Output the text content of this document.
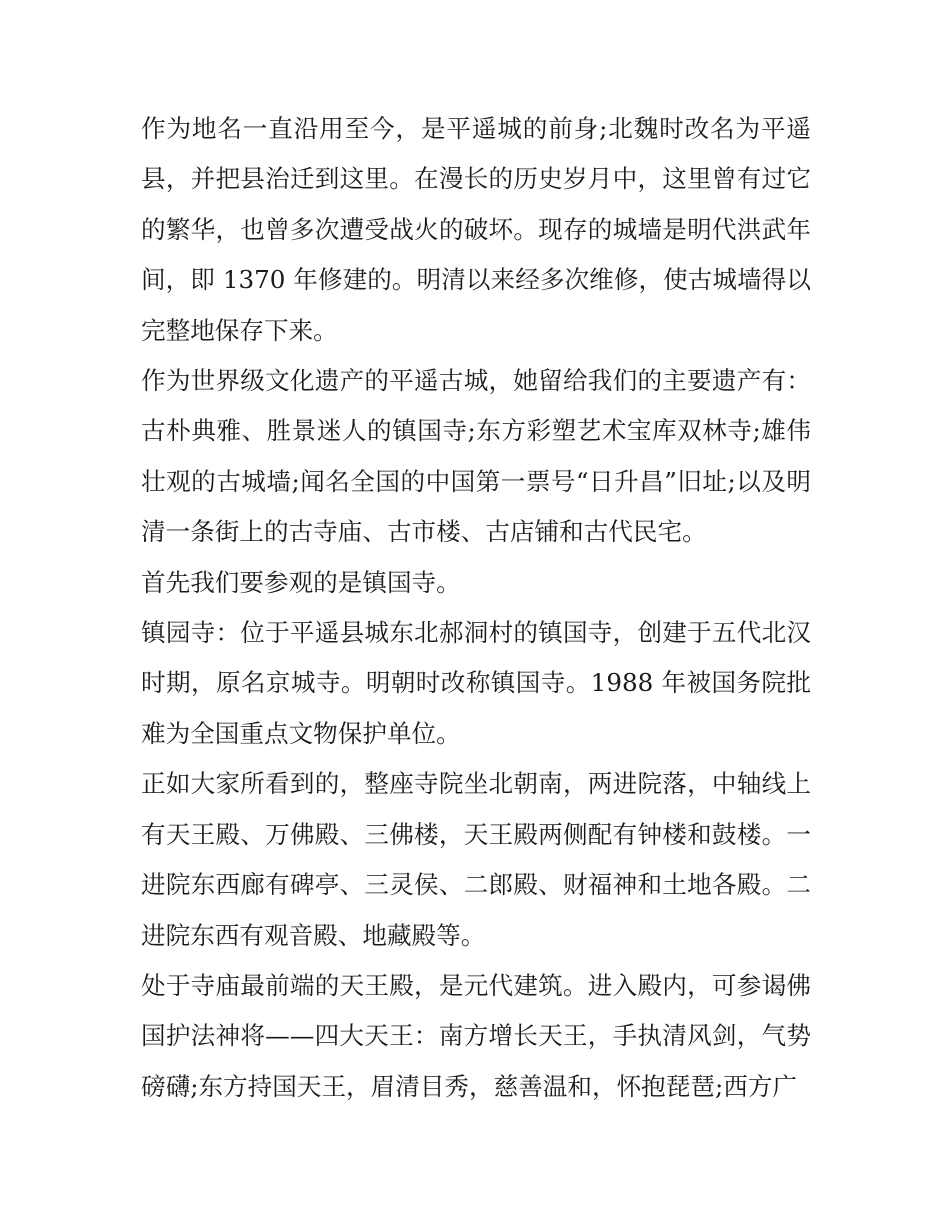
作为地名一直沿用至今，是平遥城的前身;北魏时改名为平遥县，并把县治迁到这里。在漫长的历史岁月中，这里曾有过它的繁华，也曾多次遭受战火的破坏。现存的城墙是明代洪武年间，即 1370 年修建的。明清以来经多次维修，使古城墙得以完整地保存下来。

作为世界级文化遗产的平遥古城，她留给我们的主要遗产有：古朴典雅、胜景迷人的镇国寺;东方彩塑艺术宝库双林寺;雄伟壮观的古城墙;闻名全国的中国第一票号“日升昌”旧址;以及明清一条街上的古寺庙、古市楼、古店铺和古代民宅。

首先我们要参观的是镇国寺。

镇园寺：位于平遥县城东北郝洞村的镇国寺，创建于五代北汉时期，原名京城寺。明朝时改称镇国寺。1988 年被国务院批难为全国重点文物保护单位。

正如大家所看到的，整座寺院坐北朝南，两进院落，中轴线上有天王殿、万佛殿、三佛楼，天王殿两侧配有钟楼和鼓楼。一进院东西廊有碑亭、三灵侯、二郎殿、财福神和土地各殿。二进院东西有观音殿、地藏殿等。

处于寺庙最前端的天王殿，是元代建筑。进入殿内，可参谒佛国护法神将——四大天王：南方增长天王，手执清风剑，气势磅礴;东方持国天王，眉清目秀，慈善温和，怀抱琵琶;西方广
